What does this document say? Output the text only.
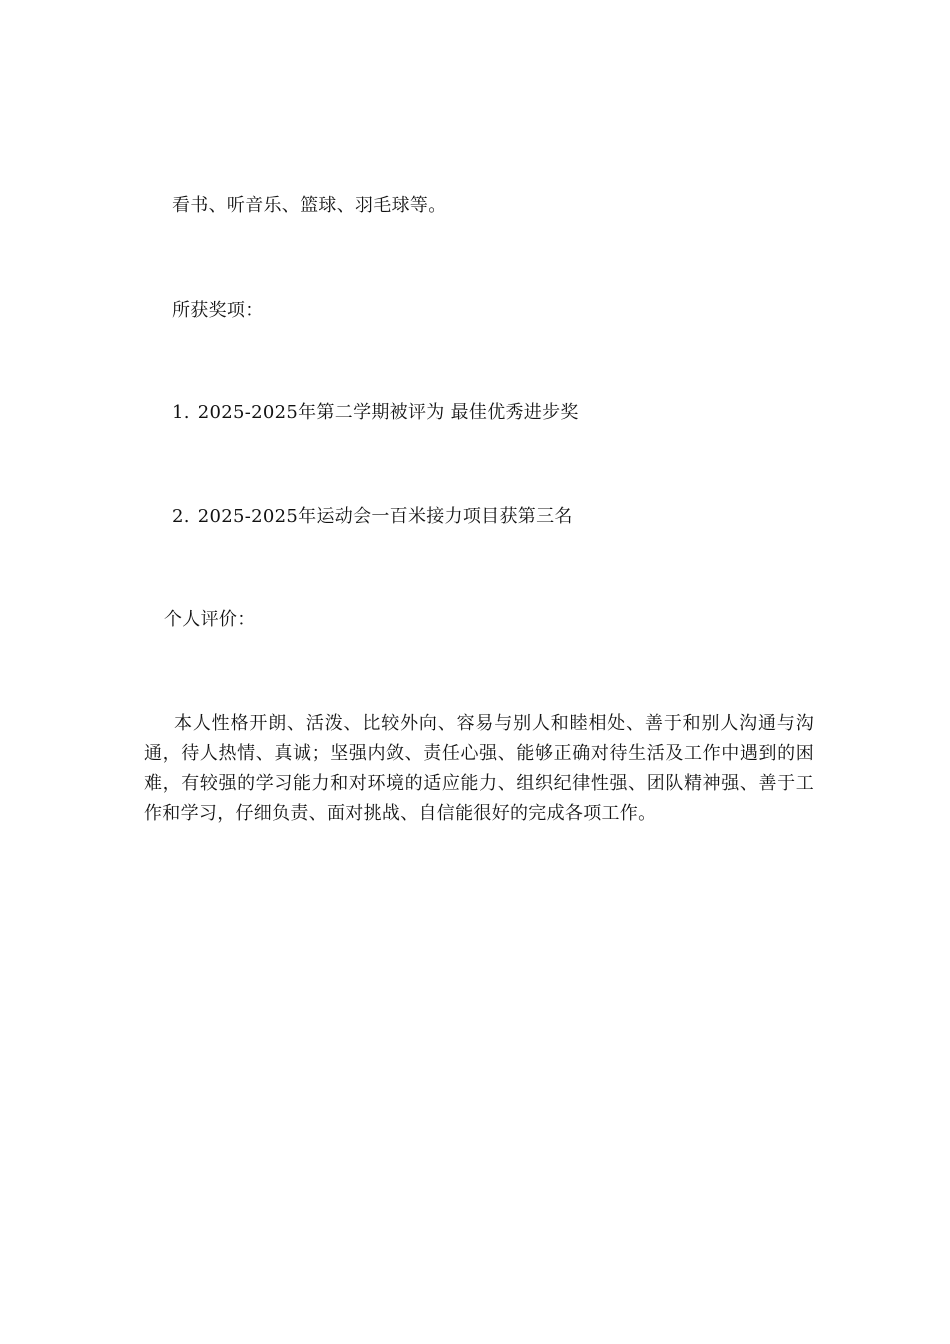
看书、听音乐、篮球、羽毛球等。
所获奖项：
1. 2025-2025年第二学期被评为 最佳优秀进步奖
2. 2025-2025年运动会一百米接力项目获第三名
个人评价：

本人性格开朗、活泼、比较外向、容易与别人和睦相处、善于和别人沟通与沟通，待人热情、真诚；坚强内敛、责任心强、能够正确对待生活及工作中遇到的困难，有较强的学习能力和对环境的适应能力、组织纪律性强、团队精神强、善于工作和学习，仔细负责、面对挑战、自信能很好的完成各项工作。
